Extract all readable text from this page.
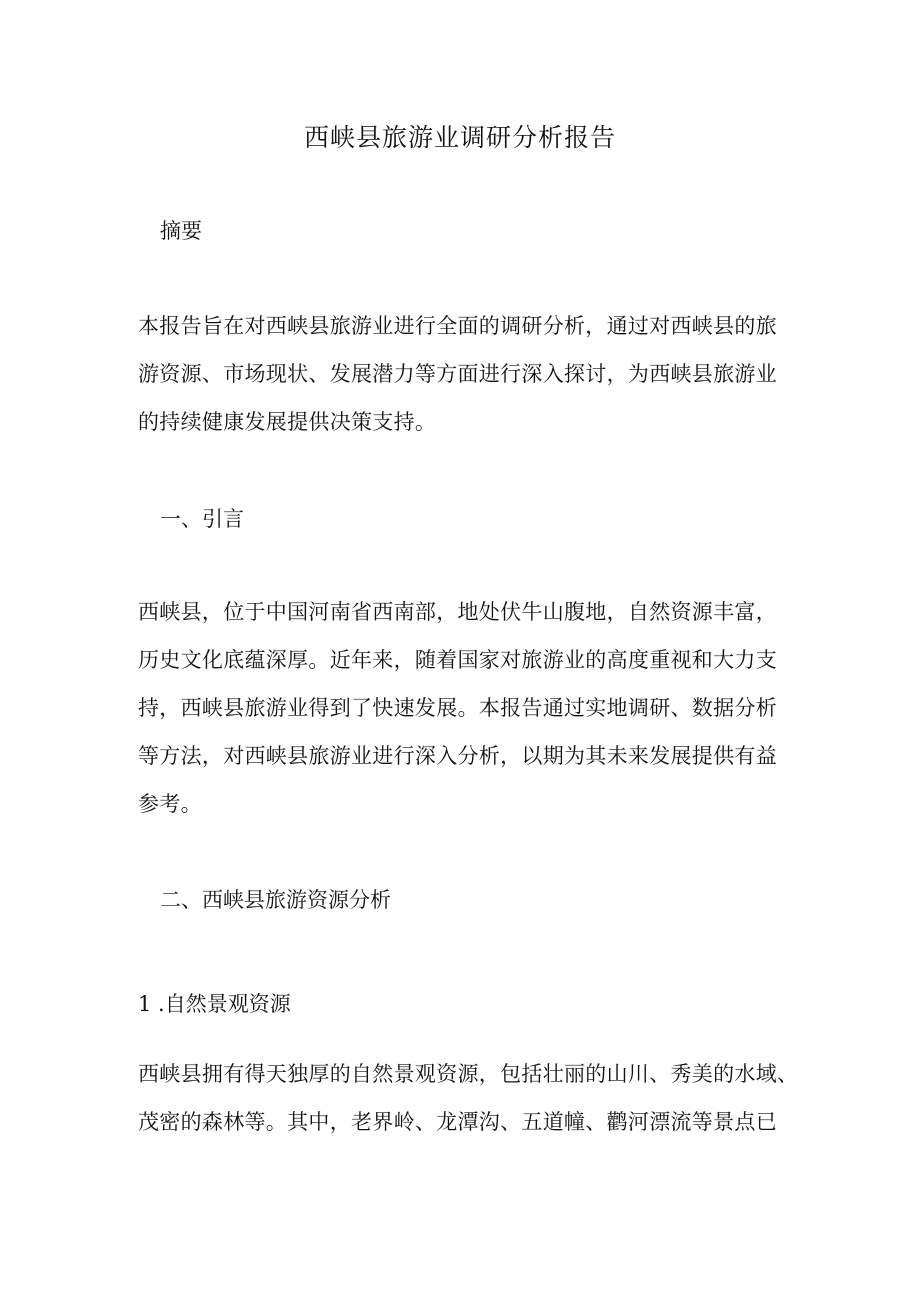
西峡县旅游业调研分析报告
摘要
本报告旨在对西峡县旅游业进行全面的调研分析，通过对西峡县的旅
游资源、市场现状、发展潜力等方面进行深入探讨，为西峡县旅游业
的持续健康发展提供决策支持。
一、引言
西峡县，位于中国河南省西南部，地处伏牛山腹地，自然资源丰富，
历史文化底蕴深厚。近年来，随着国家对旅游业的高度重视和大力支
持，西峡县旅游业得到了快速发展。本报告通过实地调研、数据分析
等方法，对西峡县旅游业进行深入分析，以期为其未来发展提供有益
参考。
二、西峡县旅游资源分析
1 .自然景观资源
西峡县拥有得天独厚的自然景观资源，包括壮丽的山川、秀美的水域、
茂密的森林等。其中，老界岭、龙潭沟、五道幢、鹳河漂流等景点已
